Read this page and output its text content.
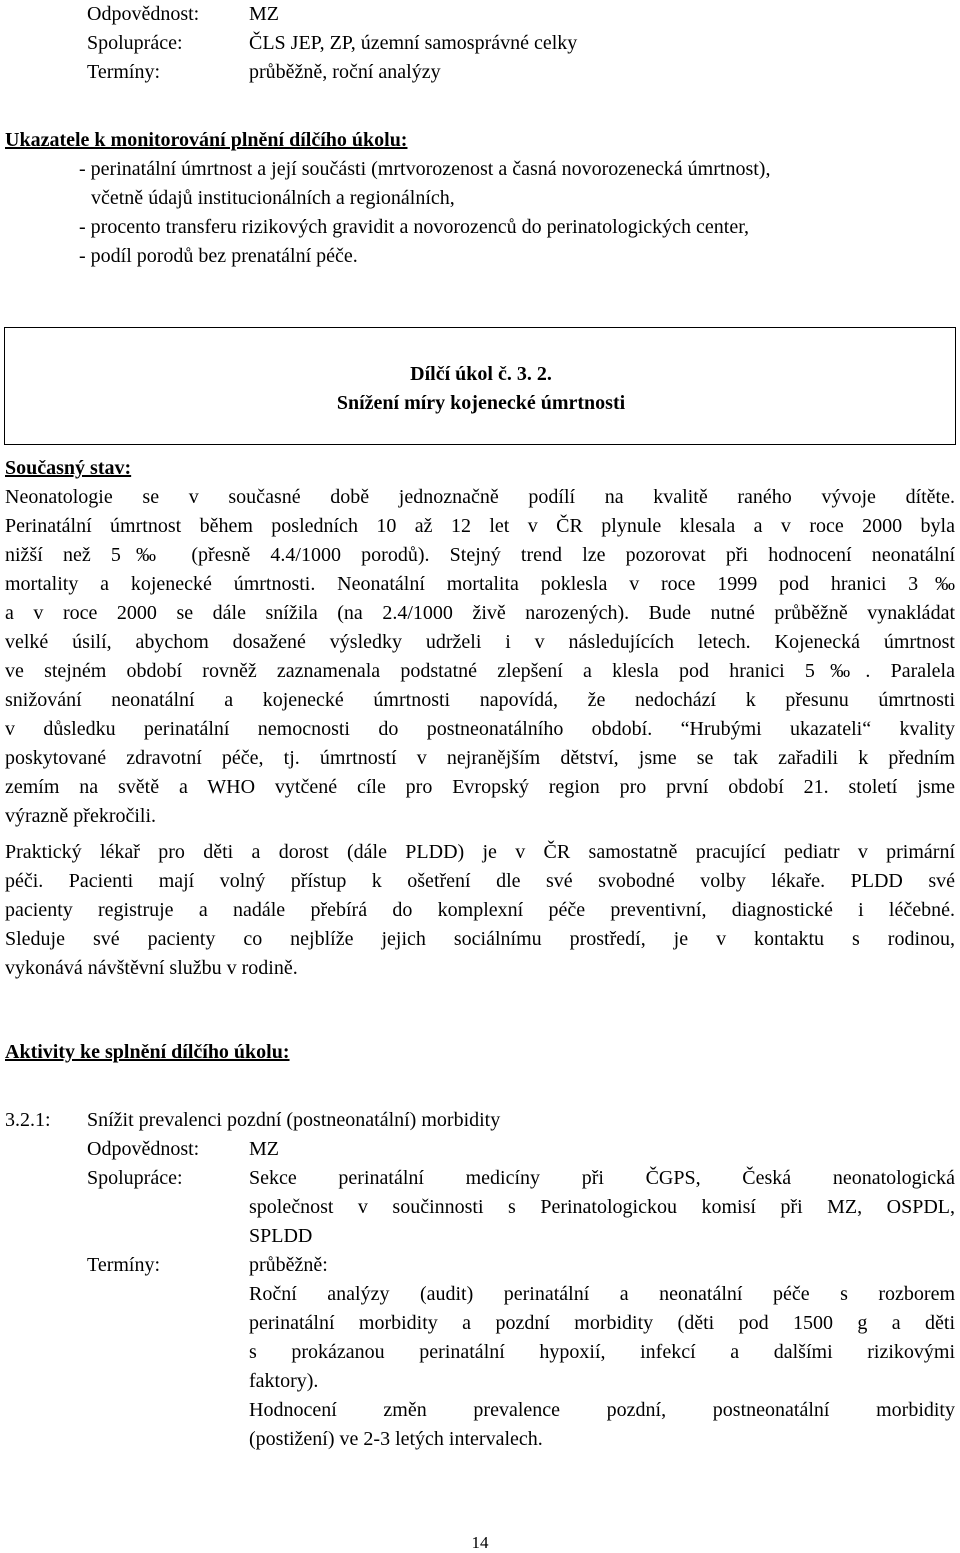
Odpovědnost: MZ
Spolupráce:	ČLS JEP, ZP, územní samosprávné celky
Termíny:	průběžně, roční analýzy
Ukazatele k monitorování plnění dílčího úkolu:
- perinatální úmrtnost a její součásti (mrtvorozenost a časná novorozenecká úmrtnost),
včetně údajů institucionálních a regionálních,
- procento transferu rizikových gravidit a novorozenců do perinatologických center,
- podíl porodů bez prenatální péče.
Dílčí úkol č. 3. 2.
Snížení míry kojenecké úmrtnosti
Současný stav:
Neonatologie se v současné době jednoznačně podílí na kvalitě raného vývoje dítěte.
Perinatální úmrtnost během posledních 10 až 12 let v ČR plynule klesala a v roce 2000 byla
nižší než 5‰ (přesně 4.4/1000 porodů). Stejný trend lze pozorovat při hodnocení neonatální
mortality a kojenecké úmrtnosti. Neonatální mortalita poklesla v roce 1999 pod hranici 3‰
a v roce 2000 se dále snížila (na 2.4/1000 živě narozených). Bude nutné průběžně vynakládat
velké úsilí, abychom dosažené výsledky udrželi i v následujících letech. Kojenecká úmrtnost
ve stejném období rovněž zaznamenala podstatné zlepšení a klesla pod hranici 5‰. Paralela
snižování neonatální a kojenecké úmrtnosti napovídá, že nedochází k přesunu úmrtnosti
v důsledku perinatální nemocnosti do postneonatálního období. “Hrubými ukazateli“ kvality
poskytované zdravotní péče, tj. úmrtností v nejranějším dětství, jsme se tak zařadili k předním
zemím na světě a WHO vytčené cíle pro Evropský region pro první období 21. století jsme
výrazně překročili.
Praktický lékař pro děti a dorost (dále PLDD) je v ČR samostatně pracující pediatr v primární
péči. Pacienti mají volný přístup k ošetření dle své svobodné volby lékaře. PLDD své
pacienty registruje a nadále přebírá do komplexní péče preventivní, diagnostické i léčebné.
Sleduje své pacienty co nejblíže jejich sociálnímu prostředí, je v kontaktu s rodinou,
vykonává návštěvní službu v rodině.
Aktivity ke splnění dílčího úkolu:
3.2.1: Snížit prevalenci pozdní (postneonatální) morbidity
Odpovědnost: MZ
Spolupráce:	Sekce perinatální medicíny při ČGPS, Česká neonatologická
společnost v součinnosti s Perinatologickou komisí při MZ, OSPDL,
SPLDD
Termíny:	průběžně:
Roční analýzy (audit) perinatální a neonatální péče s rozborem
perinatální morbidity a pozdní morbidity (děti pod 1500 g a děti
s prokázanou perinatální hypoxií, infekcí a dalšími rizikovými
faktory).
Hodnocení změn prevalence pozdní, postneonatální morbidity
(postižení) ve 2-3 letých intervalech.
14
